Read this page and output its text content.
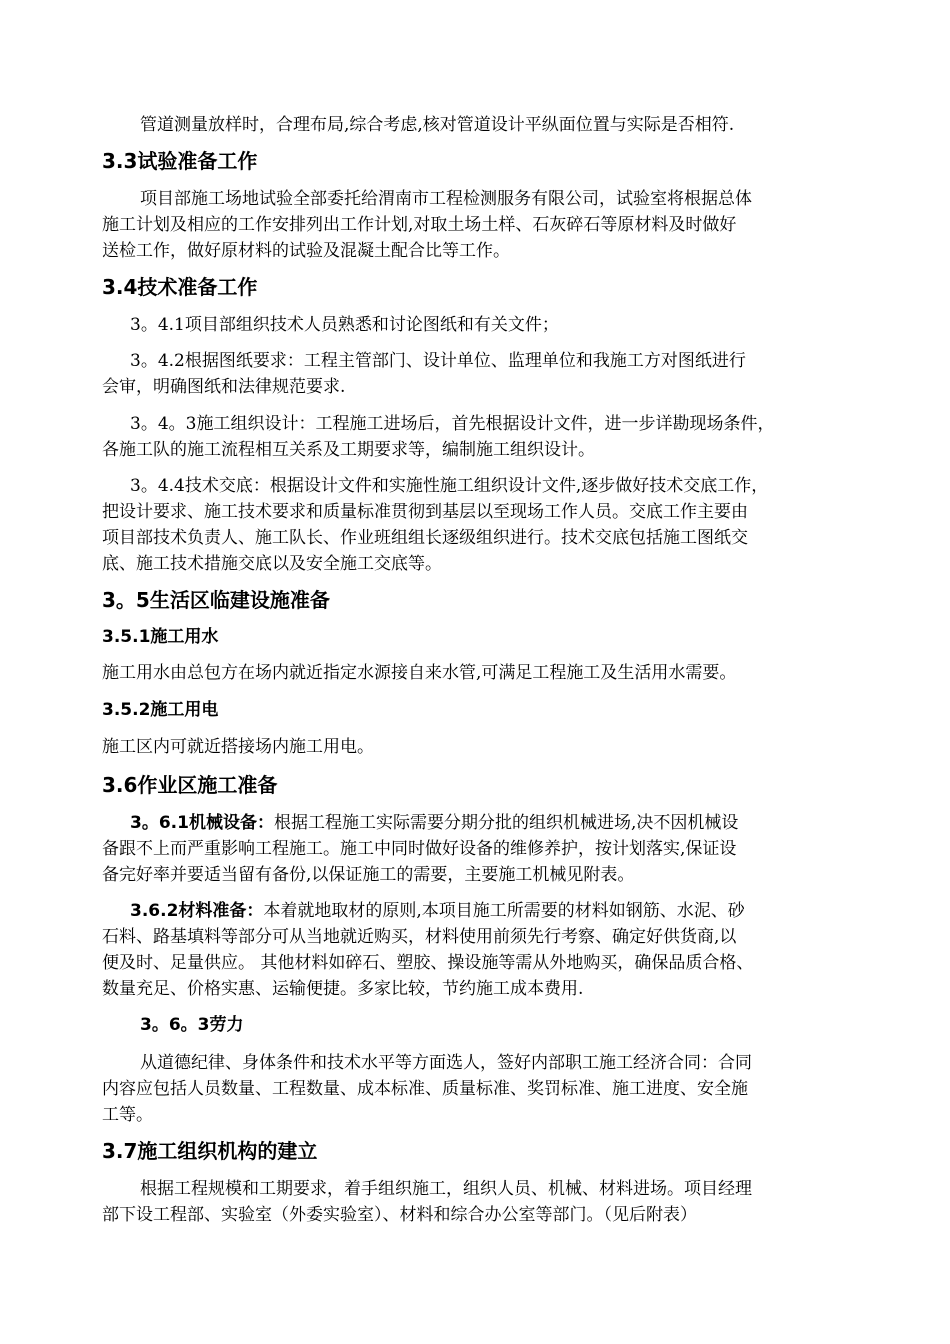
管道测量放样时，合理布局,综合考虑,核对管道设计平纵面位置与实际是否相符.
3.3试验准备工作
项目部施工场地试验全部委托给渭南市工程检测服务有限公司，试验室将根据总体
施工计划及相应的工作安排列出工作计划,对取土场土样、石灰碎石等原材料及时做好
送检工作，做好原材料的试验及混凝土配合比等工作。
3.4技术准备工作
3。4.1项目部组织技术人员熟悉和讨论图纸和有关文件；
3。4.2根据图纸要求：工程主管部门、设计单位、监理单位和我施工方对图纸进行
会审，明确图纸和法律规范要求.
3。4。3施工组织设计：工程施工进场后，首先根据设计文件，进一步详勘现场条件，
各施工队的施工流程相互关系及工期要求等，编制施工组织设计。
3。4.4技术交底：根据设计文件和实施性施工组织设计文件,逐步做好技术交底工作，
把设计要求、施工技术要求和质量标准贯彻到基层以至现场工作人员。交底工作主要由
项目部技术负责人、施工队长、作业班组组长逐级组织进行。技术交底包括施工图纸交
底、施工技术措施交底以及安全施工交底等。
3。5生活区临建设施准备
3.5.1施工用水
施工用水由总包方在场内就近指定水源接自来水管,可满足工程施工及生活用水需要。
3.5.2施工用电
施工区内可就近搭接场内施工用电。
3.6作业区施工准备
3。6.1机械设备：根据工程施工实际需要分期分批的组织机械进场,决不因机械设
备跟不上而严重影响工程施工。施工中同时做好设备的维修养护，按计划落实,保证设
备完好率并要适当留有备份,以保证施工的需要，主要施工机械见附表。
3.6.2材料准备：本着就地取材的原则,本项目施工所需要的材料如钢筋、水泥、砂
石料、路基填料等部分可从当地就近购买，材料使用前须先行考察、确定好供货商,以
便及时、足量供应。 其他材料如碎石、塑胶、操设施等需从外地购买，确保品质合格、
数量充足、价格实惠、运输便捷。多家比较，节约施工成本费用.
3。6。3劳力
从道德纪律、身体条件和技术水平等方面选人，签好内部职工施工经济合同：合同
内容应包括人员数量、工程数量、成本标准、质量标准、奖罚标准、施工进度、安全施
工等。
3.7施工组织机构的建立
根据工程规模和工期要求，着手组织施工，组织人员、机械、材料进场。项目经理
部下设工程部、实验室（外委实验室）、材料和综合办公室等部门。（见后附表）
